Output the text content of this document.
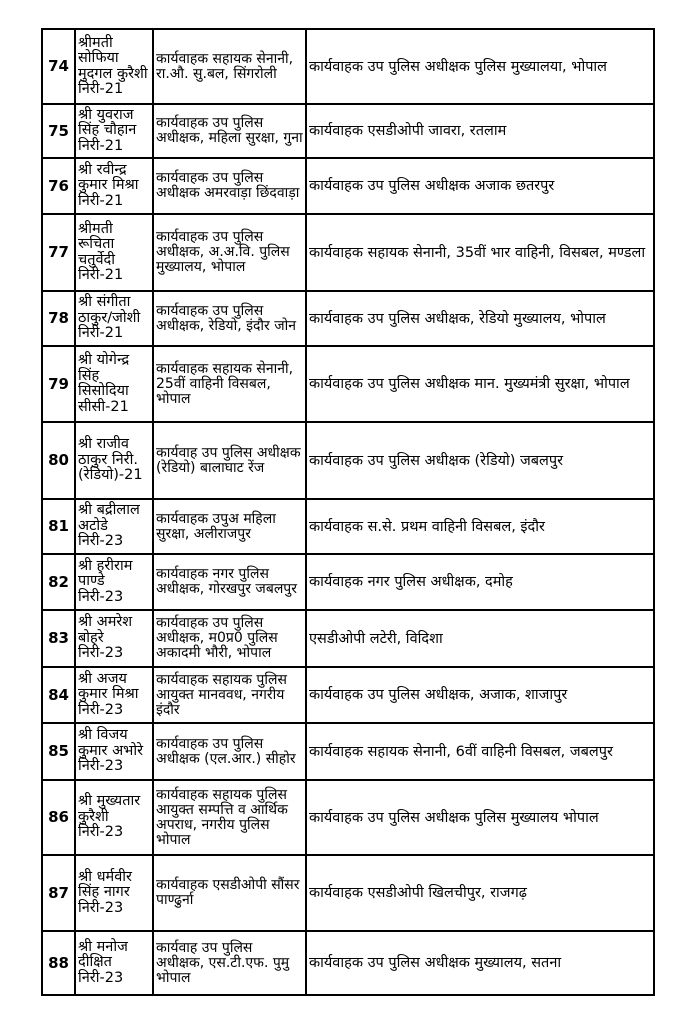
74	श्रीमती सोफिया मुदगल कुरैशी निरी-21	कार्यवाहक सहायक सेनानी, रा.औ. सु.बल, सिंगरोली	कार्यवाहक उप पुलिस अधीक्षक पुलिस मुख्यालया, भोपाल
75	श्री युवराज सिंह चौहान निरी-21	कार्यवाहक उप पुलिस अधीक्षक, महिला सुरक्षा, गुना	कार्यवाहक एसडीओपी जावरा, रतलाम
76	श्री रवीन्द्र कुमार मिश्रा निरी-21	कार्यवाहक उप पुलिस अधीक्षक अमरवाड़ा छिंदवाड़ा	कार्यवाहक उप पुलिस अधीक्षक अजाक छतरपुर
77	श्रीमती रूचिता चतुर्वेदी निरी-21	कार्यवाहक उप पुलिस अधीक्षक, अ.अ.वि. पुलिस मुख्यालय, भोपाल	कार्यवाहक सहायक सेनानी, 35वीं भार वाहिनी, विसबल, मण्डला
78	श्री संगीता ठाकुर/जोशी निरी-21	कार्यवाहक उप पुलिस अधीक्षक, रेडियो, इंदौर जोन	कार्यवाहक उप पुलिस अधीक्षक, रेडियो मुख्यालय, भोपाल
79	श्री योगेन्द्र सिंह सिसोदिया सीसी-21	कार्यवाहक सहायक सेनानी, 25वीं वाहिनी विसबल, भोपाल	कार्यवाहक उप पुलिस अधीक्षक मान. मुख्यमंत्री सुरक्षा, भोपाल
80	श्री राजीव ठाकुर निरी. (रेडियो)-21	कार्यवाह उप पुलिस अधीक्षक (रेडियो) बालाघाट रेंज	कार्यवाहक उप पुलिस अधीक्षक (रेडियो) जबलपुर
81	श्री बद्रीलाल अटोडे निरी-23	कार्यवाहक उपुअ महिला सुरक्षा, अलीराजपुर	कार्यवाहक स.से. प्रथम वाहिनी विसबल, इंदौर
82	श्री हरीराम पाण्डे निरी-23	कार्यवाहक नगर पुलिस अधीक्षक, गोरखपुर जबलपुर	कार्यवाहक नगर पुलिस अधीक्षक, दमोह
83	श्री अमरेश बोहरे निरी-23	कार्यवाहक उप पुलिस अधीक्षक, म0प्र0 पुलिस अकादमी भौरी, भोपाल	एसडीओपी लटेरी, विदिशा
84	श्री अजय कुमार मिश्रा निरी-23	कार्यवाहक सहायक पुलिस आयुक्त मानववध, नगरीय इंदौर	कार्यवाहक उप पुलिस अधीक्षक, अजाक, शाजापुर
85	श्री विजय कुमार अभोरे निरी-23	कार्यवाहक उप पुलिस अधीक्षक (एल.आर.) सीहोर	कार्यवाहक सहायक सेनानी, 6वीं वाहिनी विसबल, जबलपुर
86	श्री मुख्यतार कुरैशी निरी-23	कार्यवाहक सहायक पुलिस आयुक्त सम्पत्ति व आर्थिक अपराध, नगरीय पुलिस भोपाल	कार्यवाहक उप पुलिस अधीक्षक पुलिस मुख्यालय भोपाल
87	श्री धर्मवीर सिंह नागर निरी-23	कार्यवाहक एसडीओपी सौंसर पाण्ढुर्ना	कार्यवाहक एसडीओपी खिलचीपुर, राजगढ़
88	श्री मनोज दीक्षित निरी-23	कार्यवाह उप पुलिस अधीक्षक, एस.टी.एफ. पुमु भोपाल	कार्यवाहक उप पुलिस अधीक्षक मुख्यालय, सतना
